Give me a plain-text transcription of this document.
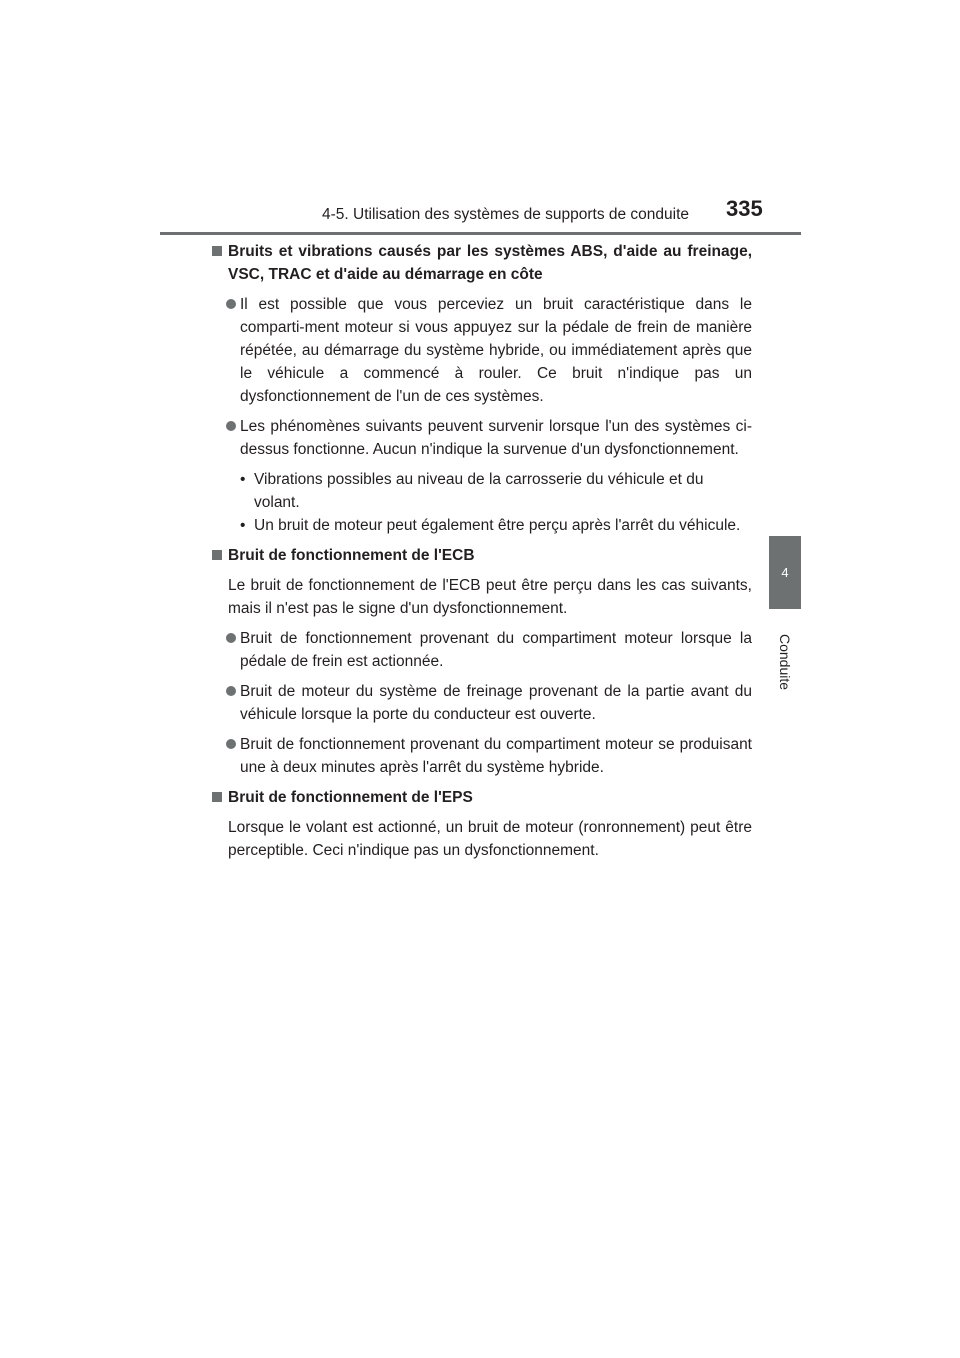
4-5. Utilisation des systèmes de supports de conduite 335
4
Conduite
Bruits et vibrations causés par les systèmes ABS, d'aide au freinage, VSC, TRAC et d'aide au démarrage en côte
Il est possible que vous perceviez un bruit caractéristique dans le comparti-ment moteur si vous appuyez sur la pédale de frein de manière répétée, au démarrage du système hybride, ou immédiatement après que le véhicule a commencé à rouler. Ce bruit n'indique pas un dysfonctionnement de l'un de ces systèmes.
Les phénomènes suivants peuvent survenir lorsque l'un des systèmes ci-dessus fonctionne. Aucun n'indique la survenue d'un dysfonctionnement.
• Vibrations possibles au niveau de la carrosserie du véhicule et du volant.
• Un bruit de moteur peut également être perçu après l'arrêt du véhicule.
Bruit de fonctionnement de l'ECB
Le bruit de fonctionnement de l'ECB peut être perçu dans les cas suivants, mais il n'est pas le signe d'un dysfonctionnement.
Bruit de fonctionnement provenant du compartiment moteur lorsque la pédale de frein est actionnée.
Bruit de moteur du système de freinage provenant de la partie avant du véhicule lorsque la porte du conducteur est ouverte.
Bruit de fonctionnement provenant du compartiment moteur se produisant une à deux minutes après l'arrêt du système hybride.
Bruit de fonctionnement de l'EPS
Lorsque le volant est actionné, un bruit de moteur (ronronnement) peut être perceptible. Ceci n'indique pas un dysfonctionnement.
